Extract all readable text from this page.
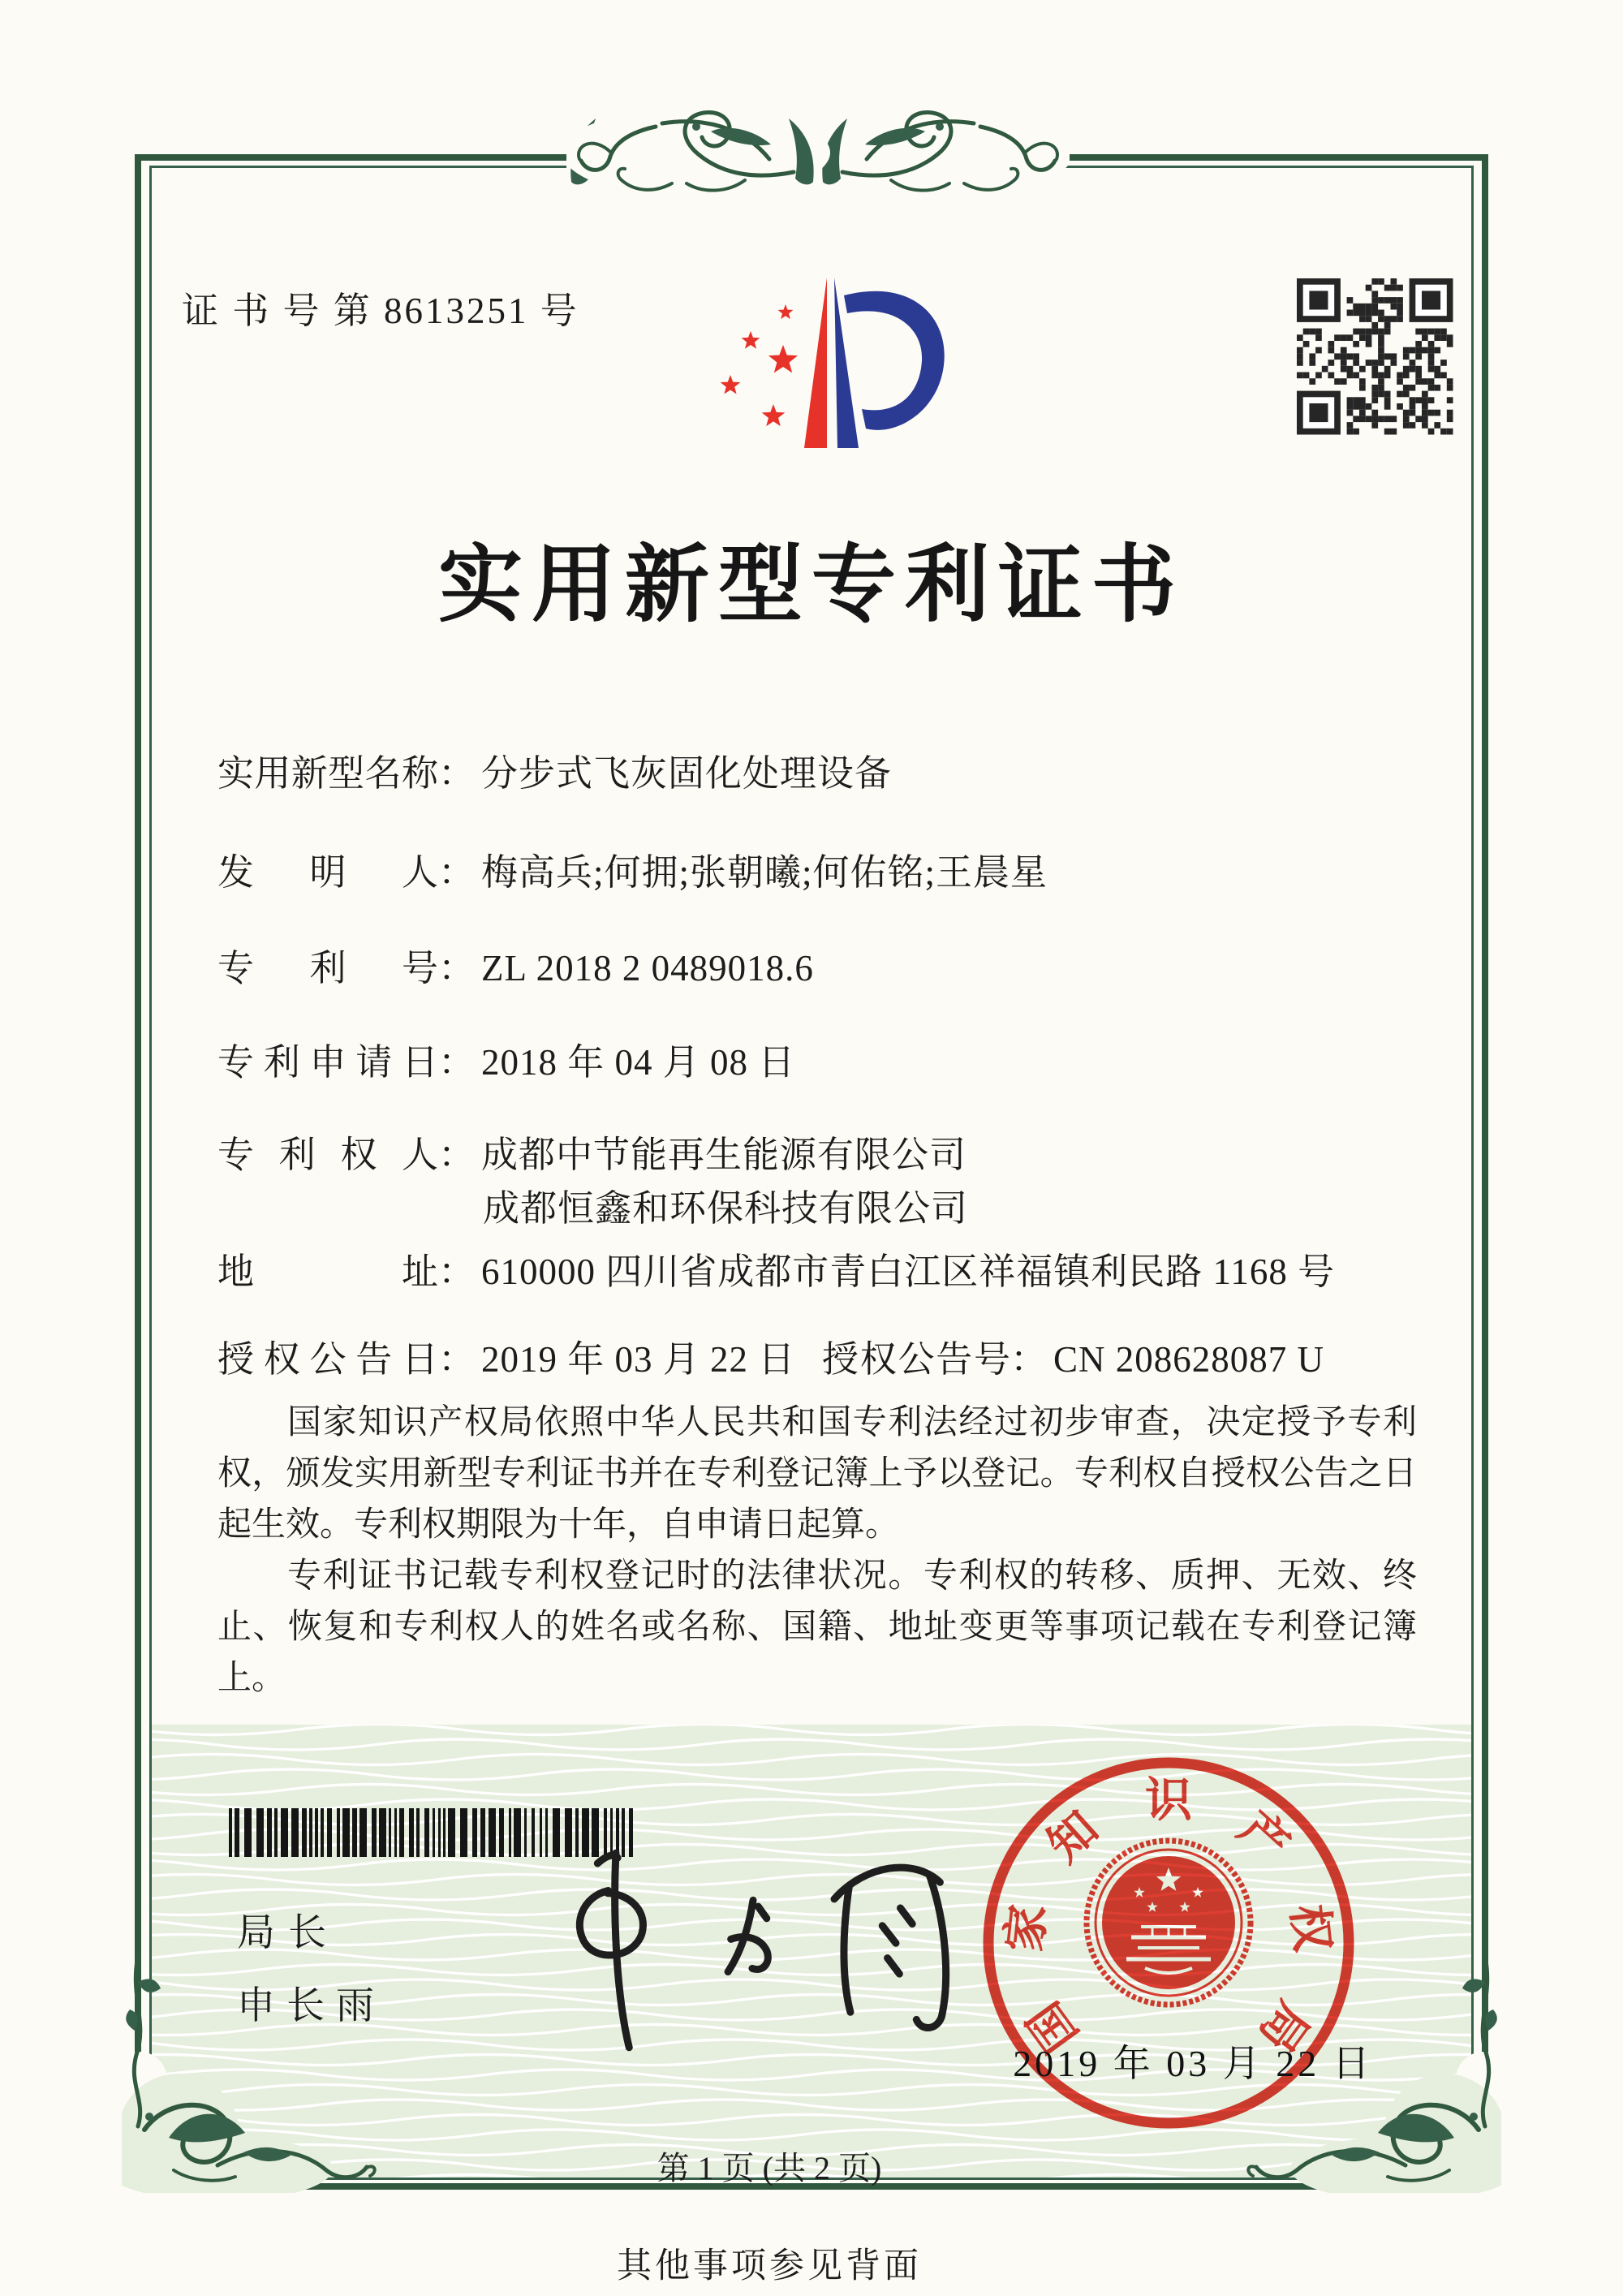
证 书 号 第 8613251 号
实用新型专利证书
实 用 新 型 名 称 ： 分步式飞灰固化处理设备
发 明 人 ： 梅高兵;何拥;张朝曦;何佑铭;王晨星
专 利 号 ： ZL 2018 2 0489018.6
专 利 申 请 日 ： 2018 年 04 月 08 日
专 利 权 人 ： 成都中节能再生能源有限公司
成都恒鑫和环保科技有限公司
地	址 ： 610000 四川省成都市青白江区祥福镇利民路 1168 号
授 权 公 告 日 ： 2019 年 03 月 22 日 授 权 公 告 号 ： CN 208628087 U

国家知识产权局依照中华人民共和国专利法经过初步审查，决定授予专利权，颁发实用新型专利证书并在专利登记簿上予以登记。专利权自授权公告之日起生效。专利权期限为十年，自申请日起算。

专利证书记载专利权登记时的法律状况。专利权的转移、质押、无效、终止、恢复和专利权人的姓名或名称、国籍、地址变更等事项记载在专利登记簿上。

局长
申长雨	国
家
知
识
产
权
局
2019 年 03 月 22 日
第 1 页 (共 2 页)
其他事项参见背面
